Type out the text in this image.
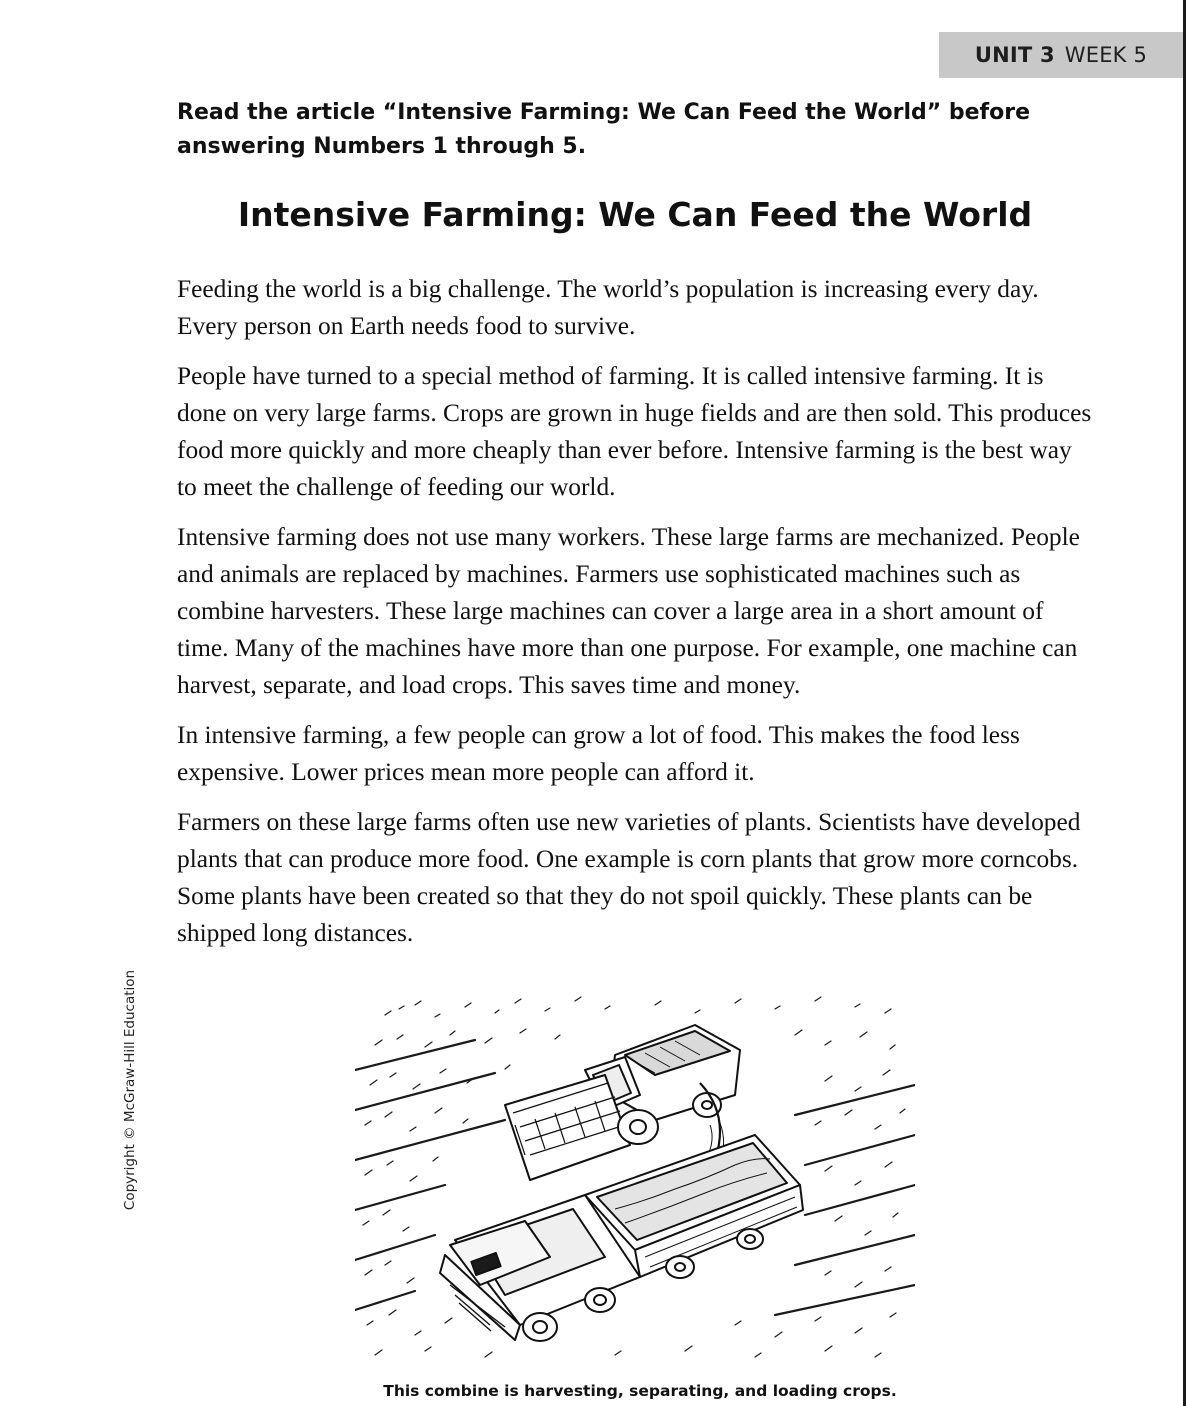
UNIT 3 WEEK 5
Read the article “Intensive Farming: We Can Feed the World” before answering Numbers 1 through 5.
Intensive Farming: We Can Feed the World

Feeding the world is a big challenge. The world’s population is increasing every day. Every person on Earth needs food to survive.

People have turned to a special method of farming. It is called intensive farming. It is done on very large farms. Crops are grown in huge fields and are then sold. This produces food more quickly and more cheaply than ever before. Intensive farming is the best way to meet the challenge of feeding our world.

Intensive farming does not use many workers. These large farms are mechanized. People and animals are replaced by machines. Farmers use sophisticated machines such as combine harvesters. These large machines can cover a large area in a short amount of time. Many of the machines have more than one purpose. For example, one machine can harvest, separate, and load crops. This saves time and money.

In intensive farming, a few people can grow a lot of food. This makes the food less expensive. Lower prices mean more people can afford it.

Farmers on these large farms often use new varieties of plants. Scientists have developed plants that can produce more food. One example is corn plants that grow more corncobs. Some plants have been created so that they do not spoil quickly. These plants can be shipped long distances.

Copyright © McGraw-Hill Education
This combine is harvesting, separating, and loading crops.
